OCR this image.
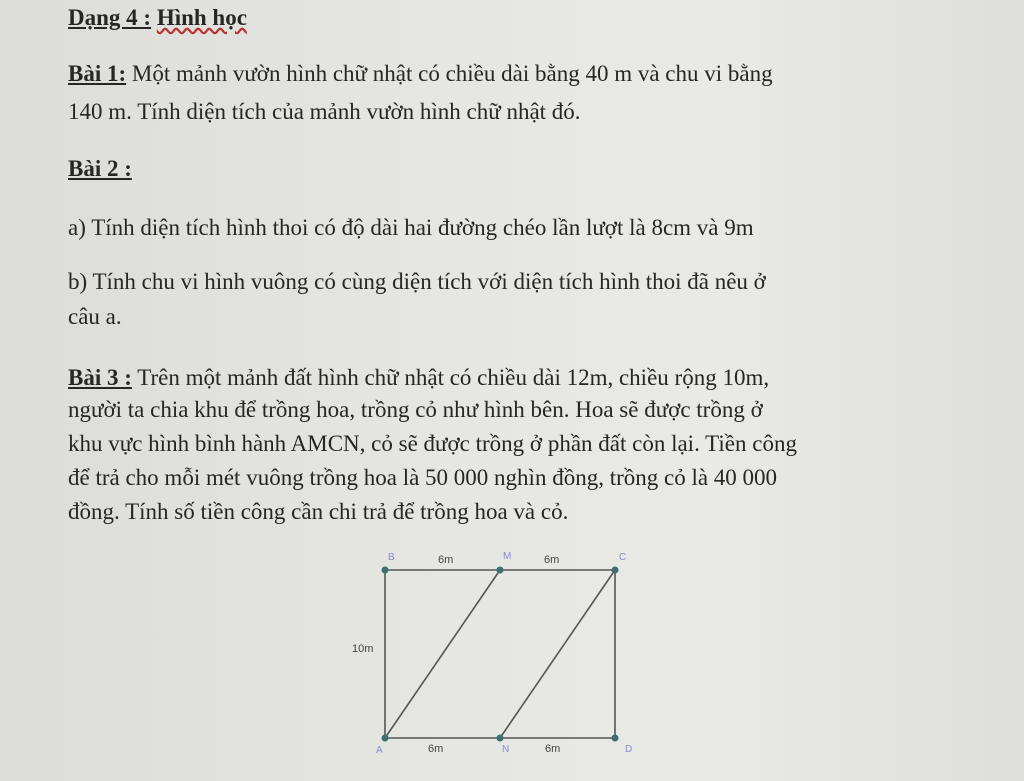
Dạng 4 : Hình học
Bài 1: Một mảnh vườn hình chữ nhật có chiều dài bằng 40 m và chu vi bằng
140 m. Tính diện tích của mảnh vườn hình chữ nhật đó.
Bài 2 :
a) Tính diện tích hình thoi có độ dài hai đường chéo lần lượt là 8cm và 9m
b) Tính chu vi hình vuông có cùng diện tích với diện tích hình thoi đã nêu ở
câu a.
Bài 3 : Trên một mảnh đất hình chữ nhật có chiều dài 12m, chiều rộng 10m,
người ta chia khu để trồng hoa, trồng cỏ như hình bên. Hoa sẽ được trồng ở
khu vực hình bình hành AMCN, cỏ sẽ được trồng ở phần đất còn lại. Tiền công
để trả cho mỗi mét vuông trồng hoa là 50 000 nghìn đồng, trồng cỏ là 40 000
đồng. Tính số tiền công cần chi trả để trồng hoa và cỏ.
B	M	C
A	N	D
6m	6m
10m
6m	6m
